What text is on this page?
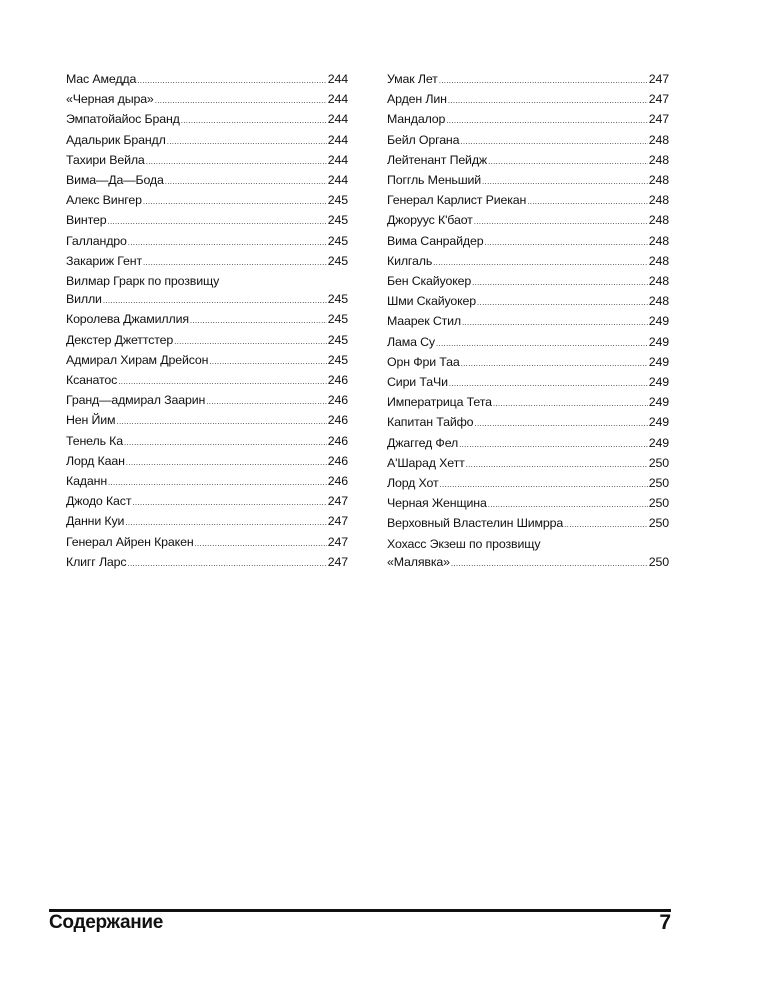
Мас Амедда .....	244
«Черная дыра» .....	244
Эмпатойайос Бранд .....	244
Адальрик Брандл .....	244
Тахири Вейла .....	244
Вима—Да—Бода .....	244
Алекс Вингер .....	245
Винтер .....	245
Галландро .....	245
Закариж Гент .....	245
Вилмар Грарк по прозвищу
Вилли .....	245
Королева Джамиллия .....	245
Декстер Джеттстер .....	245
Адмирал Хирам Дрейсон .....	245
Ксанатос .....	246
Гранд—адмирал Заарин .....	246
Нен Йим .....	246
Тенель Ка .....	246
Лорд Каан .....	246
Каданн .....	246
Джодо Каст .....	247
Данни Куи .....	247
Генерал Айрен Кракен .....	247
Клигг Ларс .....	247
Умак Лет .....	247
Арден Лин .....	247
Мандалор .....	247
Бейл Органа .....	248
Лейтенант Пейдж .....	248
Поггль Меньший .....	248
Генерал Карлист Риекан .....	248
Джоруус К'баот .....	248
Вима Санрайдер .....	248
Килгаль .....	248
Бен Скайуокер .....	248
Шми Скайуокер .....	248
Маарек Стил .....	249
Лама Су .....	249
Орн Фри Таа .....	249
Сири ТаЧи .....	249
Императрица Тета .....	249
Капитан Тайфо .....	249
Джаггед Фел .....	249
А'Шарад Хетт .....	250
Лорд Хот .....	250
Черная Женщина .....	250
Верховный Властелин Шимрра .....	250
Хохасс Экзеш по прозвищу
«Малявка» .....	250
Содержание	7
